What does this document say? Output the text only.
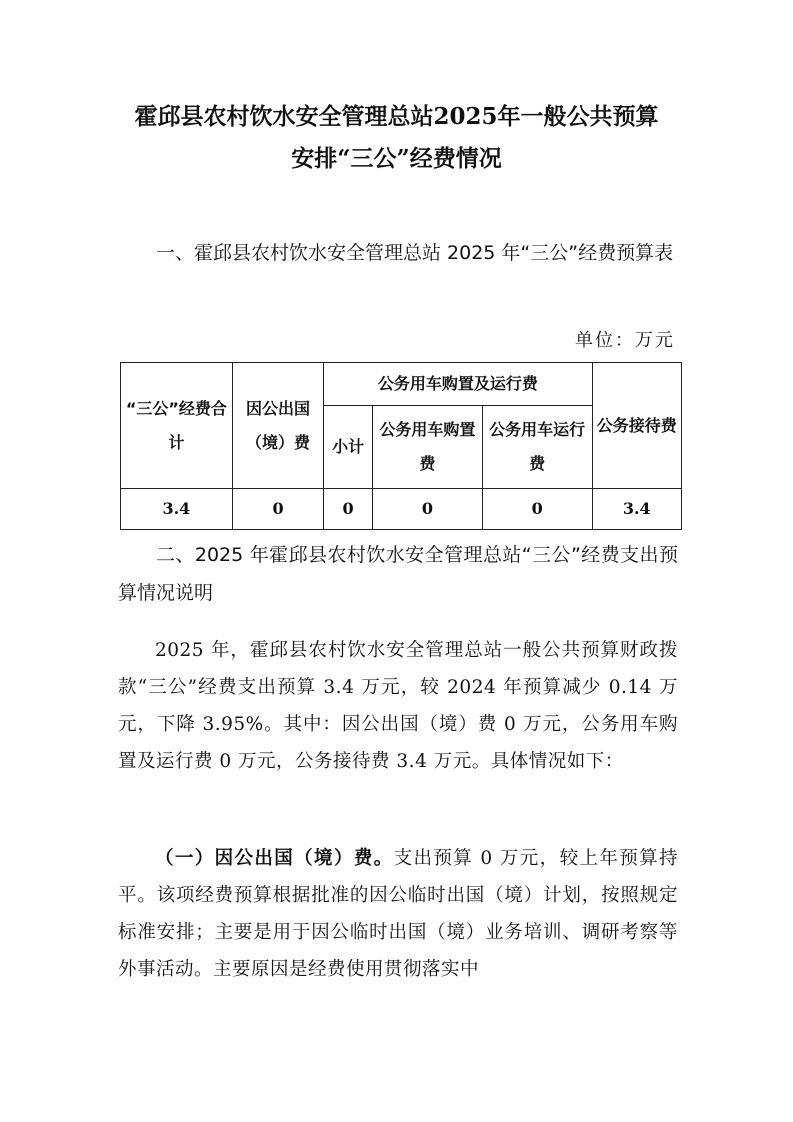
霍邱县农村饮水安全管理总站2025年一般公共预算
安排“三公”经费情况
一、霍邱县农村饮水安全管理总站 2025 年“三公”经费预算表
单位：万元
“三公”经费合计	因公出国（境）费	公务用车购置及运行费			公务接待费
		小计	公务用车购置费	公务用车运行费	
3.4	0	0	0	0	3.4
二、2025 年霍邱县农村饮水安全管理总站“三公”经费支出预算情况说明
2025 年，霍邱县农村饮水安全管理总站一般公共预算财政拨款“三公”经费支出预算 3.4 万元，较 2024 年预算减少 0.14 万元，下降 3.95%。其中：因公出国（境）费 0 万元，公务用车购置及运行费 0 万元，公务接待费 3.4 万元。具体情况如下：
（一）因公出国（境）费。支出预算 0 万元，较上年预算持平。该项经费预算根据批准的因公临时出国（境）计划，按照规定标准安排；主要是用于因公临时出国（境）业务培训、调研考察等外事活动。主要原因是经费使用贯彻落实中
